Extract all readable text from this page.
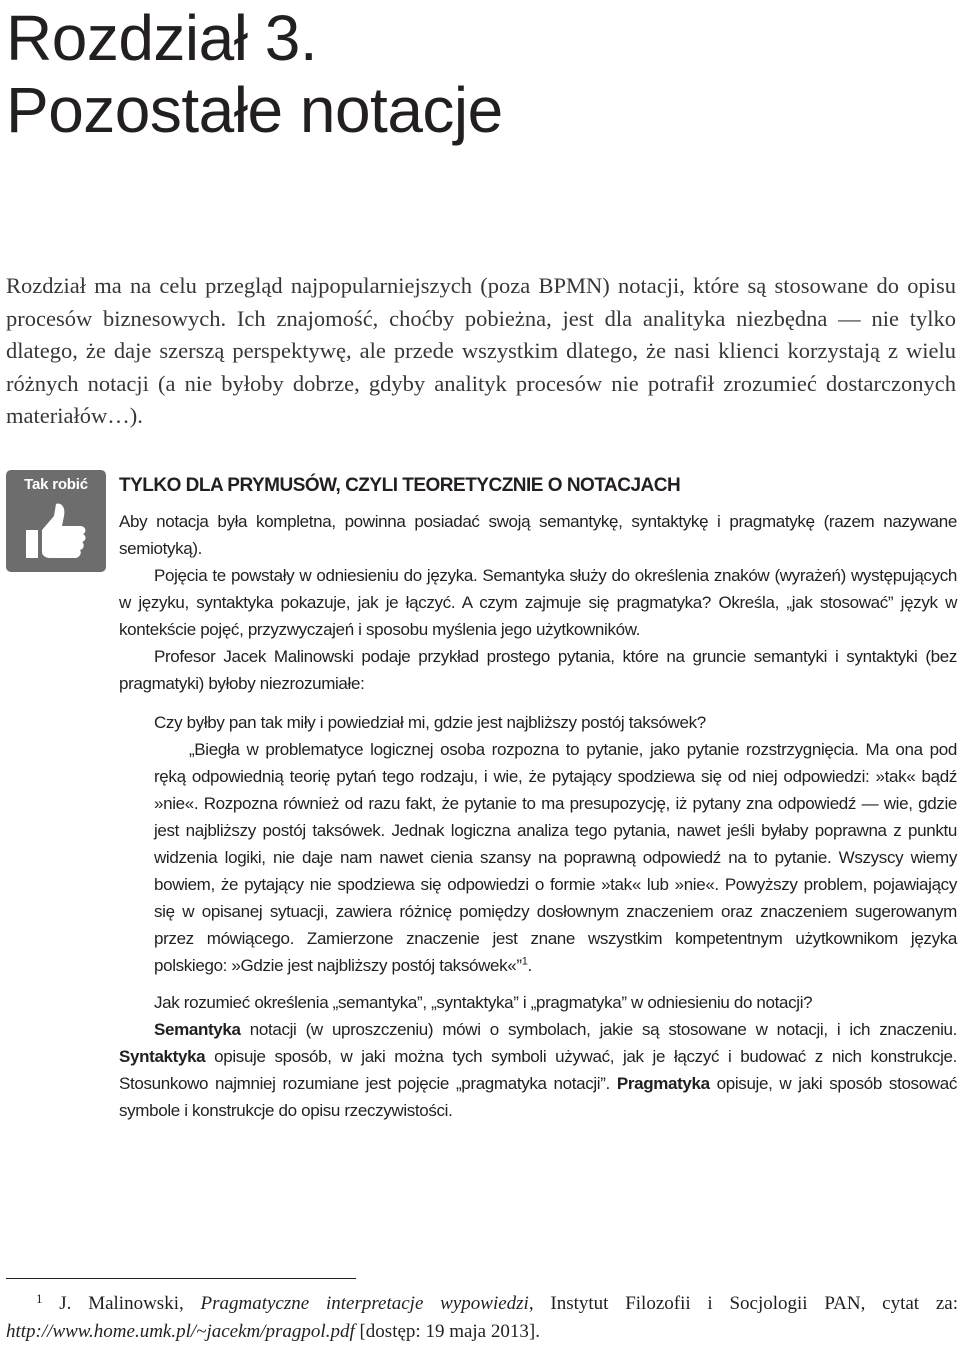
Rozdział 3.
Pozostałe notacje

Rozdział ma na celu przegląd najpopularniejszych (poza BPMN) notacji, które są stosowane do opisu procesów biznesowych. Ich znajomość, choćby pobieżna, jest dla analityka niezbędna — nie tylko dlatego, że daje szerszą perspektywę, ale przede wszystkim dlatego, że nasi klienci korzystają z wielu różnych notacji (a nie byłoby dobrze, gdyby analityk procesów nie potrafił zrozumieć dostarczonych materiałów…).

Tak robić	TYLKO DLA PRYMUSÓW, CZYLI TEORETYCZNIE O NOTACJACH

Aby notacja była kompletna, powinna posiadać swoją semantykę, syntaktykę i pragmatykę (razem nazywane semiotyką).

Pojęcia te powstały w odniesieniu do języka. Semantyka służy do określenia znaków (wyrażeń) występujących w języku, syntaktyka pokazuje, jak je łączyć. A czym zajmuje się pragmatyka? Określa, „jak stosować” język w kontekście pojęć, przyzwyczajeń i sposobu myślenia jego użytkowników.

Profesor Jacek Malinowski podaje przykład prostego pytania, które na gruncie semantyki i syntaktyki (bez pragmatyki) byłoby niezrozumiałe:

Czy byłby pan tak miły i powiedział mi, gdzie jest najbliższy postój taksówek?

„Biegła w problematyce logicznej osoba rozpozna to pytanie, jako pytanie rozstrzygnięcia. Ma ona pod ręką odpowiednią teorię pytań tego rodzaju, i wie, że pytający spodziewa się od niej odpowiedzi: »tak« bądź »nie«. Rozpozna również od razu fakt, że pytanie to ma presupozycję, iż pytany zna odpowiedź — wie, gdzie jest najbliższy postój taksówek. Jednak logiczna analiza tego pytania, nawet jeśli byłaby poprawna z punktu widzenia logiki, nie daje nam nawet cienia szansy na poprawną odpowiedź na to pytanie. Wszyscy wiemy bowiem, że pytający nie spodziewa się odpowiedzi o formie »tak« lub »nie«. Powyższy problem, pojawiający się w opisanej sytuacji, zawiera różnicę pomiędzy dosłownym znaczeniem oraz znaczeniem sugerowanym przez mówiącego. Zamierzone znaczenie jest znane wszystkim kompetentnym użytkownikom języka polskiego: »Gdzie jest najbliższy postój taksówek«”$^1$.

Jak rozumieć określenia „semantyka”, „syntaktyka” i „pragmatyka” w odniesieniu do notacji?

Semantyka notacji (w uproszczeniu) mówi o symbolach, jakie są stosowane w notacji, i ich znaczeniu. Syntaktyka opisuje sposób, w jaki można tych symboli używać, jak je łączyć i budować z nich konstrukcje. Stosunkowo najmniej rozumiane jest pojęcie „pragmatyka notacji”. Pragmatyka opisuje, w jaki sposób stosować symbole i konstrukcje do opisu rzeczywistości.

$^1$ J. Malinowski, Pragmatyczne interpretacje wypowiedzi, Instytut Filozofii i Socjologii PAN, cytat za: http://www.home.umk.pl/~jacekm/pragpol.pdf [dostęp: 19 maja 2013].
